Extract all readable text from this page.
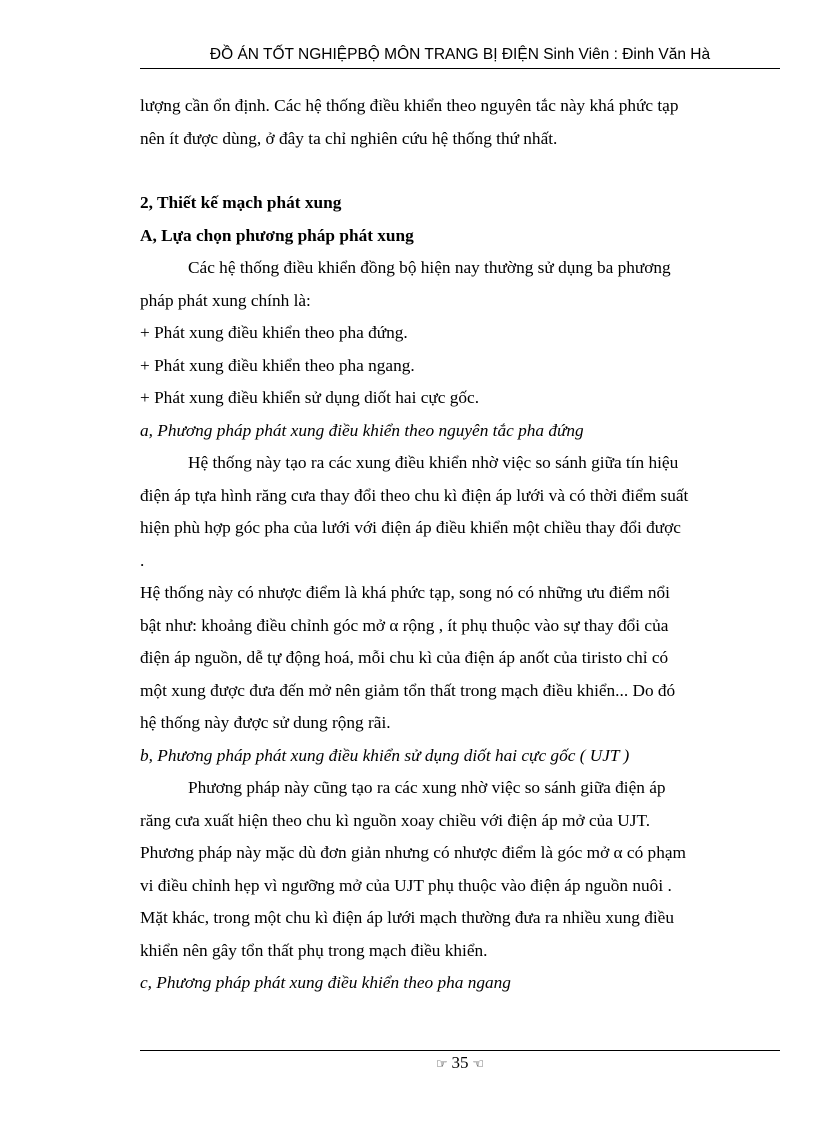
ĐỒ ÁN TỐT NGHIỆPBỘ MÔN TRANG BỊ ĐIỆN Sinh Viên : Đinh Văn Hà

lượng cần ổn định. Các hệ thống điều khiển theo nguyên tắc này khá phức tạp

nên ít được dùng, ở đây ta chỉ nghiên cứu hệ thống thứ nhất.

2, Thiết kế mạch phát xung

A, Lựa chọn phương pháp phát xung

Các hệ thống điều khiển đồng bộ hiện nay thường sử dụng ba phương

pháp phát xung chính là:

+ Phát xung điều khiển theo pha đứng.

+ Phát xung điều khiển theo pha ngang.

+ Phát xung điều khiển sử dụng diốt hai cực gốc.

a, Phương pháp phát xung điều khiển theo nguyên tắc pha đứng

Hệ thống này tạo ra các xung điều khiển nhờ việc so sánh giữa tín hiệu

điện áp tựa hình răng cưa thay đổi theo chu kì điện áp lưới và có thời điểm suất

hiện phù hợp góc pha của lưới với điện áp điều khiển một chiều thay đổi được

.

Hệ thống này có nhược điểm là khá phức tạp, song nó có những ưu điểm nổi

bật như: khoảng điều chỉnh góc mở α rộng , ít phụ thuộc vào sự thay đổi của

điện áp nguồn, dễ tự động hoá, mỗi chu kì của điện áp anốt của tiristo chỉ có

một xung được đưa đến mở nên giảm tổn thất trong mạch điều khiển... Do đó

hệ thống này được sử dung rộng rãi.

b, Phương pháp phát xung điều khiển sử dụng diốt hai cực gốc ( UJT )

Phương pháp này cũng tạo ra các xung nhờ việc so sánh giữa điện áp

răng cưa xuất hiện theo chu kì nguồn xoay chiều với điện áp mở của UJT.

Phương pháp này mặc dù đơn giản nhưng có nhược điểm là góc mở α có phạm

vi điều chỉnh hẹp vì ngưỡng mở của UJT phụ thuộc vào điện áp nguồn nuôi .

Mặt khác, trong một chu kì điện áp lưới mạch thường đưa ra nhiều xung điều

khiển nên gây tổn thất phụ trong mạch điều khiển.

c, Phương pháp phát xung điều khiển theo pha ngang

☞ 35 ☜
